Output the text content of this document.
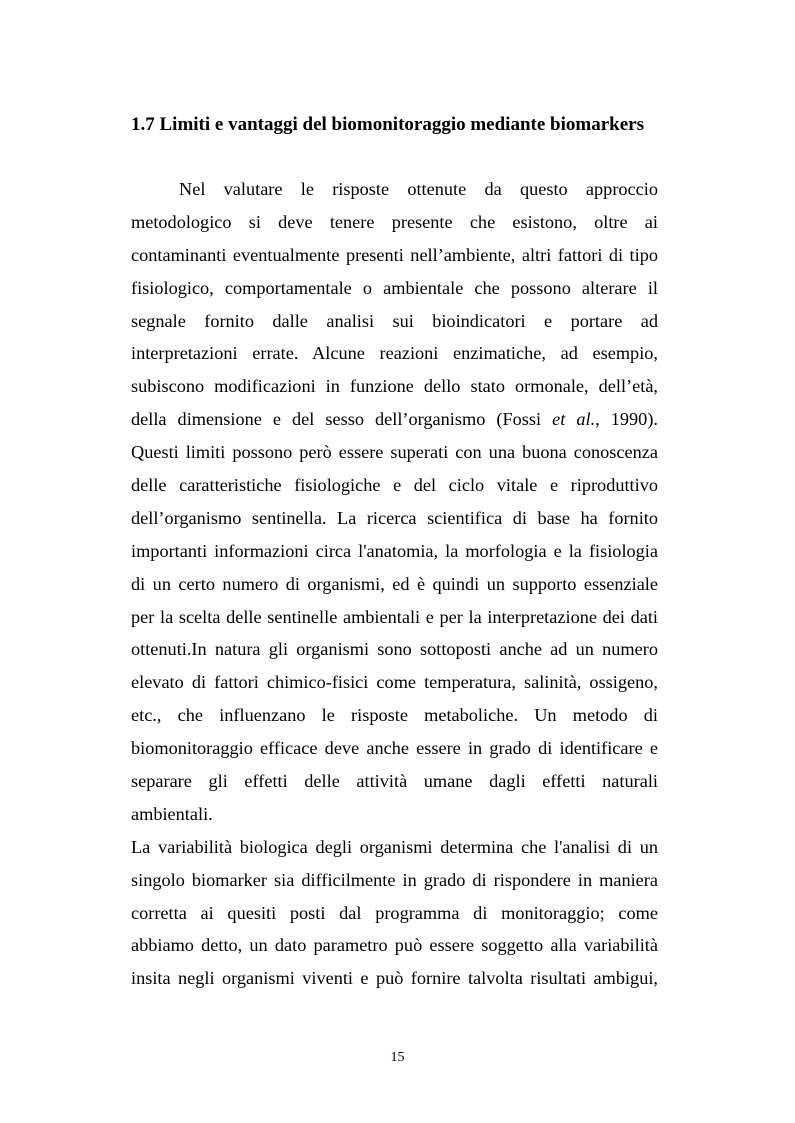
1.7 Limiti e vantaggi del biomonitoraggio mediante biomarkers
Nel valutare le risposte ottenute da questo approccio
metodologico si deve tenere presente che esistono, oltre ai
contaminanti eventualmente presenti nell’ambiente, altri fattori di tipo
fisiologico, comportamentale o ambientale che possono alterare il
segnale fornito dalle analisi sui bioindicatori e portare ad
interpretazioni errate. Alcune reazioni enzimatiche, ad esempio,
subiscono modificazioni in funzione dello stato ormonale, dell’età,
della dimensione e del sesso dell’organismo (Fossi et al., 1990).
Questi limiti possono però essere superati con una buona conoscenza
delle caratteristiche fisiologiche e del ciclo vitale e riproduttivo
dell’organismo sentinella. La ricerca scientifica di base ha fornito
importanti informazioni circa l'anatomia, la morfologia e la fisiologia
di un certo numero di organismi, ed è quindi un supporto essenziale
per la scelta delle sentinelle ambientali e per la interpretazione dei dati
ottenuti.In natura gli organismi sono sottoposti anche ad un numero
elevato di fattori chimico-fisici come temperatura, salinità, ossigeno,
etc., che influenzano le risposte metaboliche. Un metodo di
biomonitoraggio efficace deve anche essere in grado di identificare e
separare gli effetti delle attività umane dagli effetti naturali
ambientali.
La variabilità biologica degli organismi determina che l'analisi di un
singolo biomarker sia difficilmente in grado di rispondere in maniera
corretta ai quesiti posti dal programma di monitoraggio; come
abbiamo detto, un dato parametro può essere soggetto alla variabilità
insita negli organismi viventi e può fornire talvolta risultati ambigui,
15
